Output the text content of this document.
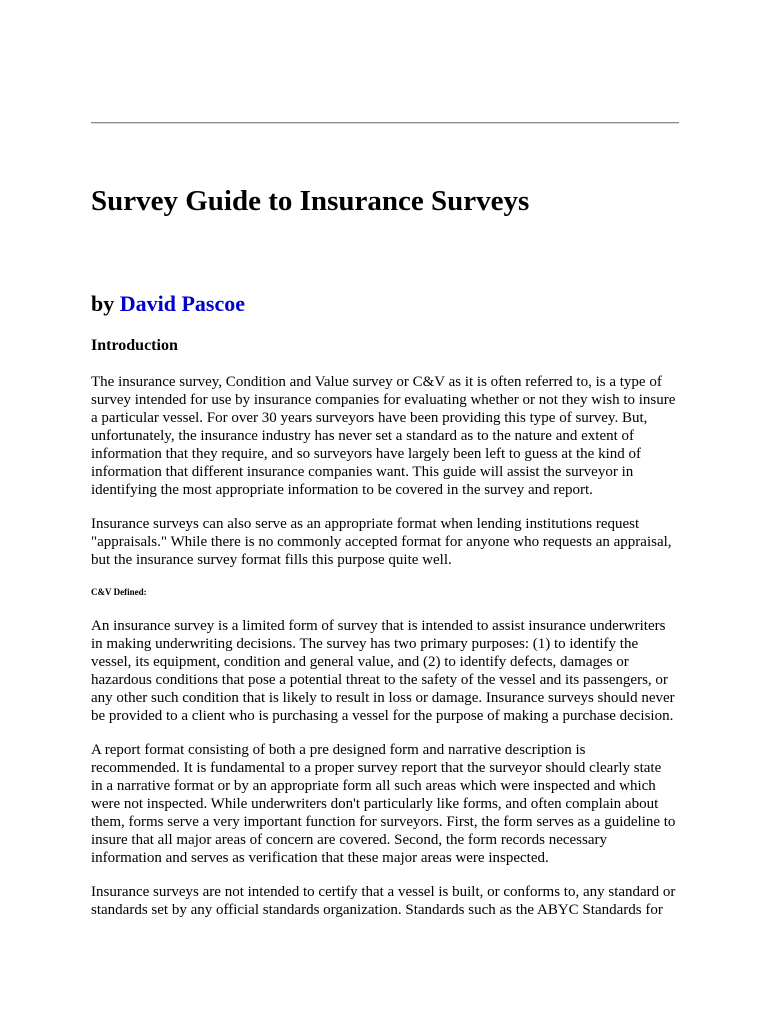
Survey Guide to Insurance Surveys
by David Pascoe
Introduction

The insurance survey, Condition and Value survey or C&V as it is often referred to, is a type of
survey intended for use by insurance companies for evaluating whether or not they wish to insure
a particular vessel. For over 30 years surveyors have been providing this type of survey. But,
unfortunately, the insurance industry has never set a standard as to the nature and extent of
information that they require, and so surveyors have largely been left to guess at the kind of
information that different insurance companies want. This guide will assist the surveyor in
identifying the most appropriate information to be covered in the survey and report.

Insurance surveys can also serve as an appropriate format when lending institutions request
"appraisals." While there is no commonly accepted format for anyone who requests an appraisal,
but the insurance survey format fills this purpose quite well.

C&V Defined:

An insurance survey is a limited form of survey that is intended to assist insurance underwriters
in making underwriting decisions. The survey has two primary purposes: (1) to identify the
vessel, its equipment, condition and general value, and (2) to identify defects, damages or
hazardous conditions that pose a potential threat to the safety of the vessel and its passengers, or
any other such condition that is likely to result in loss or damage. Insurance surveys should never
be provided to a client who is purchasing a vessel for the purpose of making a purchase decision.

A report format consisting of both a pre designed form and narrative description is
recommended. It is fundamental to a proper survey report that the surveyor should clearly state
in a narrative format or by an appropriate form all such areas which were inspected and which
were not inspected. While underwriters don't particularly like forms, and often complain about
them, forms serve a very important function for surveyors. First, the form serves as a guideline to
insure that all major areas of concern are covered. Second, the form records necessary
information and serves as verification that these major areas were inspected.

Insurance surveys are not intended to certify that a vessel is built, or conforms to, any standard or
standards set by any official standards organization. Standards such as the ABYC Standards for
